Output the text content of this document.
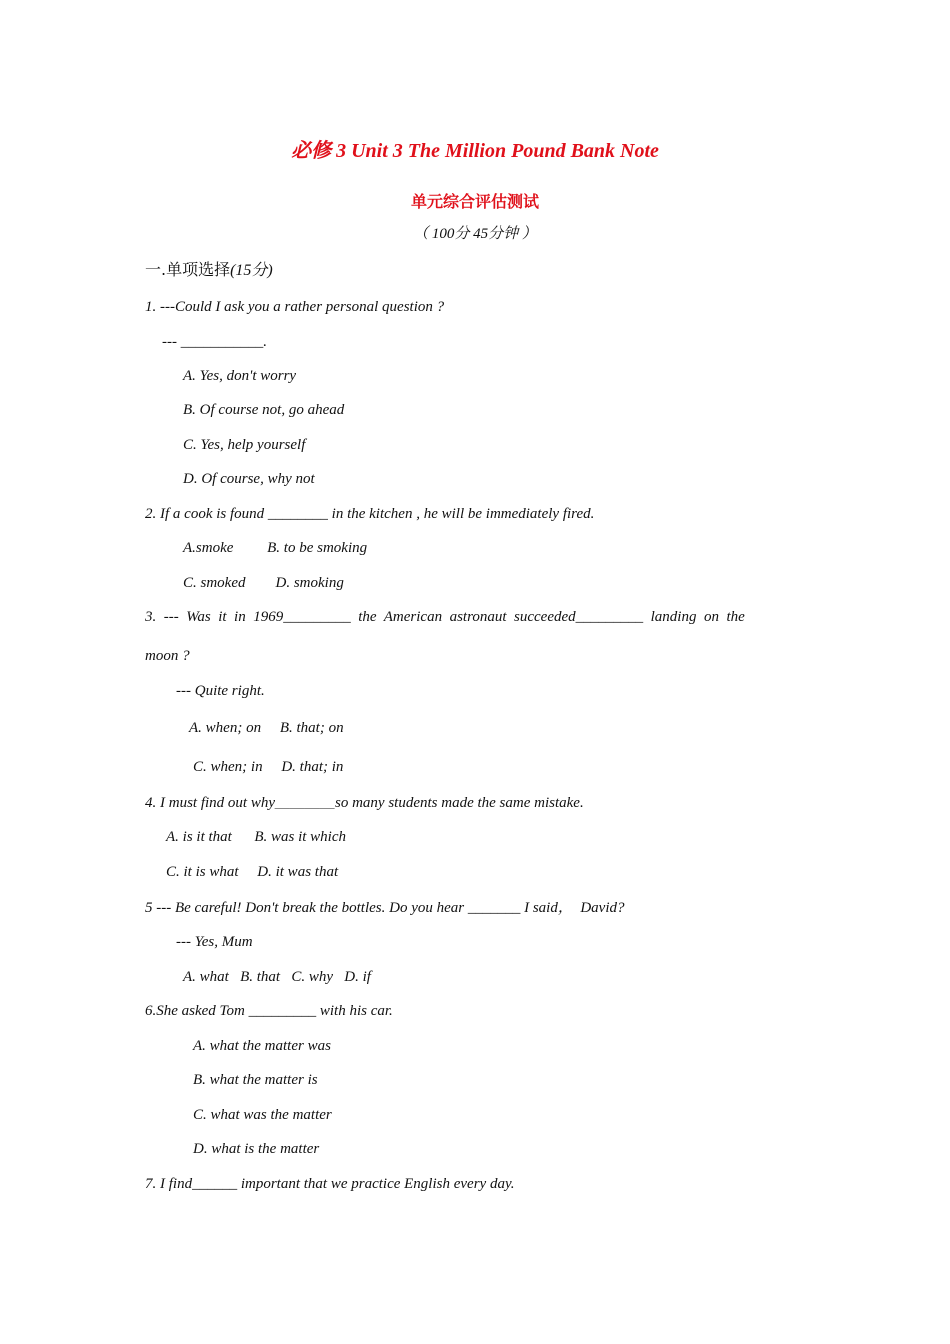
必修 3 Unit 3 The Million Pound Bank Note
单元综合评估测试
（ 100分 45分钟 ）
一.单项选择(15分)
1. ---Could I ask you a rather personal question ?
--- ___________.
A. Yes, don't worry
B. Of course not, go ahead
C. Yes, help yourself
D. Of course, why not
2. If a cook is found ________ in the kitchen , he will be immediately fired.
A.smoke         B. to be smoking
C. smoked        D. smoking
3.  ---  Was  it  in  1969_________  the  American  astronaut  succeeded_________  landing  on  the
moon ?
--- Quite right.
A. when; on     B. that; on
C. when; in     D. that; in
4. I must find out why＿＿＿＿so many students made the same mistake.
A. is it that      B. was it which
C. it is what     D. it was that
5 --- Be careful! Don't break the bottles. Do you hear _______ I said，  David?
--- Yes, Mum
A. what   B. that   C. why   D. if
6.She asked Tom _________ with his car.
A. what the matter was
B. what the matter is
C. what was the matter
D. what is the matter
7. I find______ important that we practice English every day.
